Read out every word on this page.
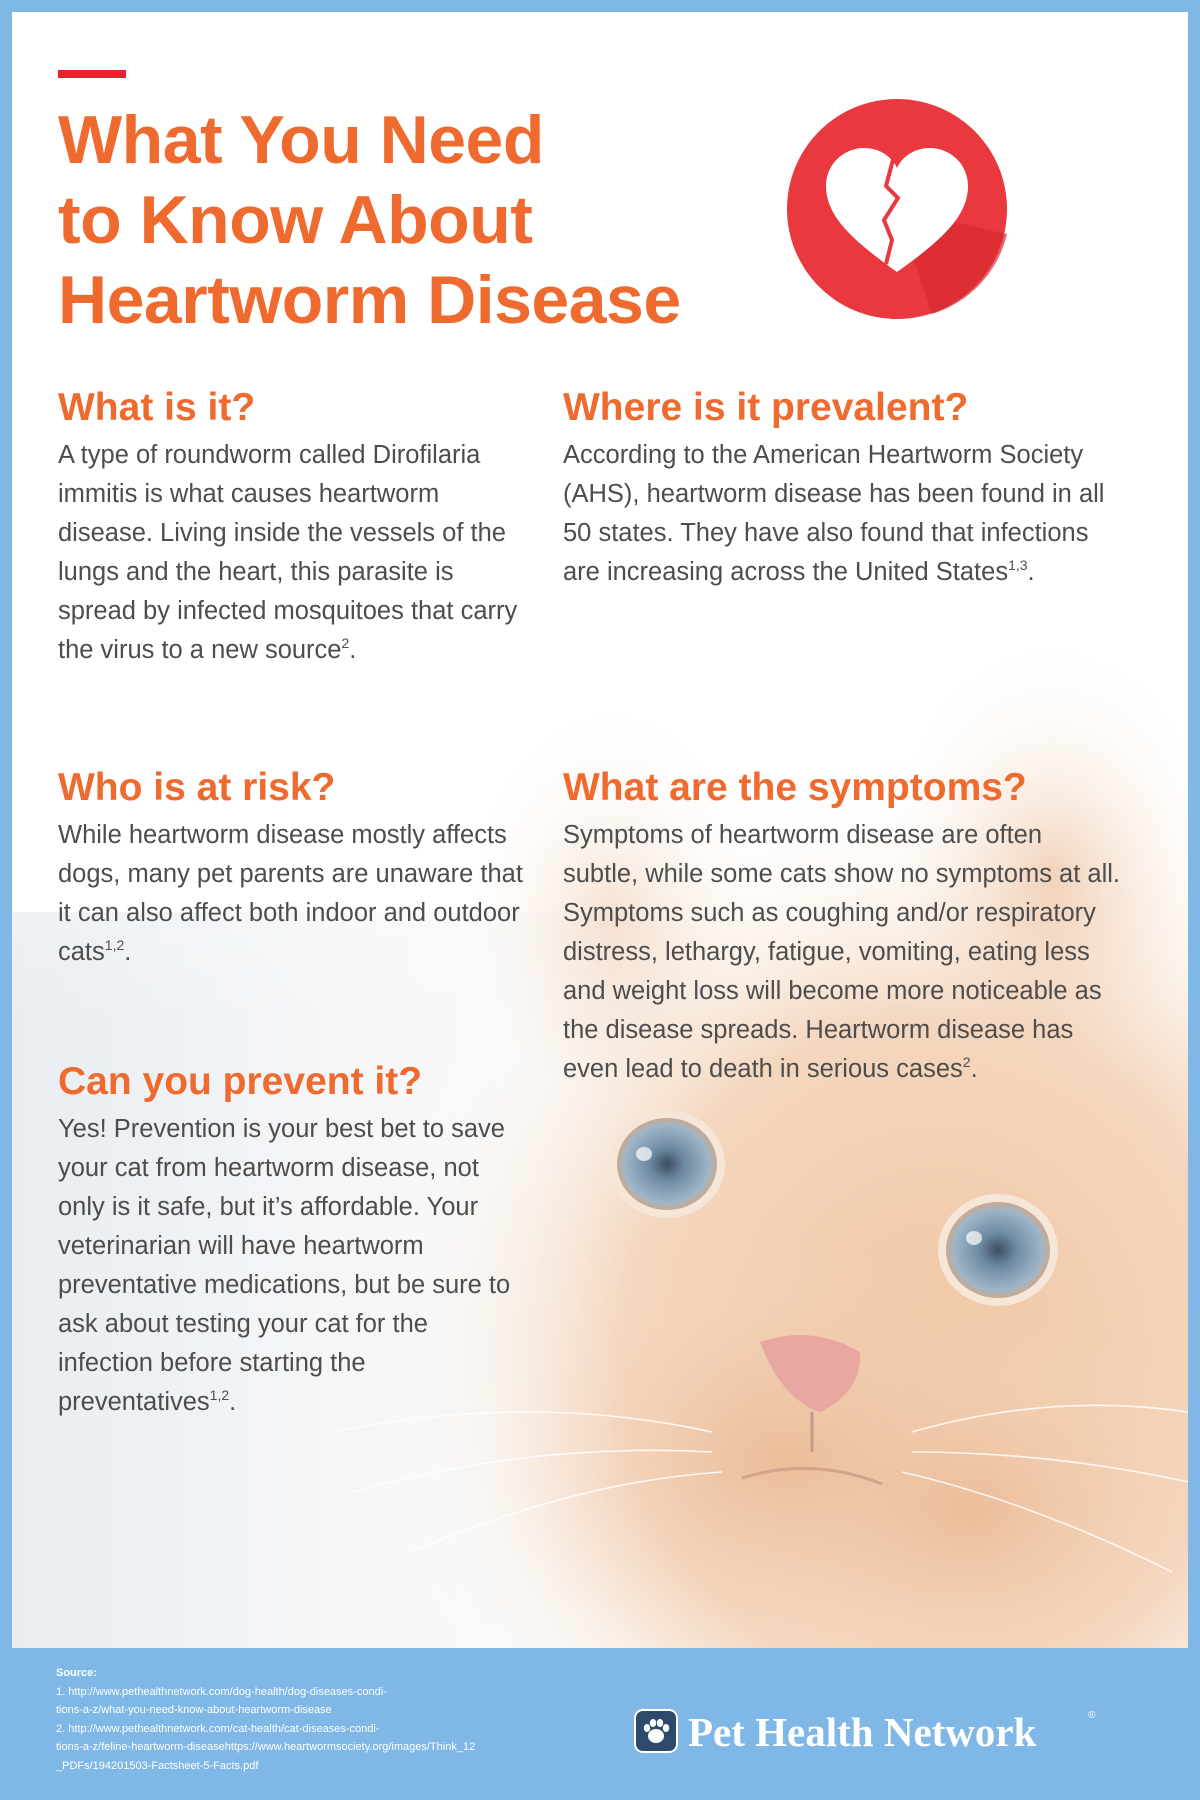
What You Need
to Know About
Heartworm Disease
What is it?

A type of roundworm called Dirofilaria immitis is what causes heartworm disease. Living inside the vessels of the lungs and the heart, this parasite is spread by infected mosquitoes that carry the virus to a new source$^2$.

Where is it prevalent?

According to the American Heartworm Society (AHS), heartworm disease has been found in all 50 states. They have also found that infections are increasing across the United States$^{1,3}$.

Who is at risk?

While heartworm disease mostly affects dogs, many pet parents are unaware that it can also affect both indoor and outdoor cats$^{1,2}$.

What are the symptoms?

Symptoms of heartworm disease are often subtle, while some cats show no symptoms at all. Symptoms such as coughing and/or respiratory distress, lethargy, fatigue, vomiting, eating less and weight loss will become more noticeable as the disease spreads. Heartworm disease has even lead to death in serious cases$^2$.

Can you prevent it?

Yes! Prevention is your best bet to save your cat from heartworm disease, not only is it safe, but it’s affordable. Your veterinarian will have heartworm preventative medications, but be sure to ask about testing your cat for the infection before starting the preventatives$^{1,2}$.

Source:
1. http://www.pethealthnetwork.com/dog-health/dog-diseases-condi-
tions-a-z/what-you-need-know-about-heartworm-disease
2. http://www.pethealthnetwork.com/cat-health/cat-diseases-condi-
tions-a-z/feline-heartworm-diseasehttps://www.heartwormsociety.org/images/Think_12
_PDFs/194201503-Factsheet-5-Facts.pdf
Pet Health Network	®
